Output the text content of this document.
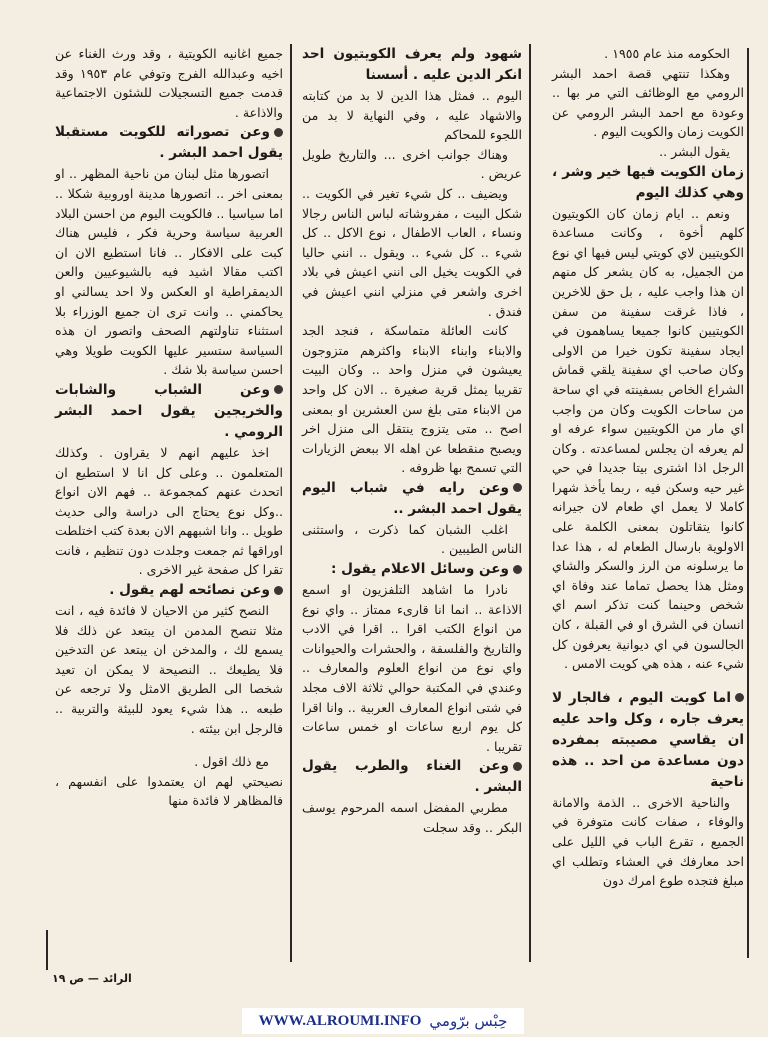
الحكومه منذ عام ١٩٥٥ .

وهكذا تنتهي قصة احمد البشر الرومي مع الوظائف التي مر بها .. وعودة مع احمد البشر الرومي عن الكويت زمان والكويت اليوم .

يقول البشر ..

زمان الكويت فيها خير وشر ، وهي كذلك اليوم

ونعم .. ايام زمان كان الكويتيون كلهم أخوة ، وكانت مساعدة الكويتيين لاي كويتي ليس فيها اي نوع من الجميل، به كان يشعر كل منهم ان هذا واجب عليه ، بل حق للاخرين ، فاذا غرقت سفينة من سفن الكويتيين كانوا جميعا يساهمون في ايجاد سفينة تكون خيرا من الاولى وكان صاحب اي سفينة يلقي قماش الشراع الخاص بسفينته في اي ساحة من ساحات الكويت وكان من واجب اي مار من الكويتيين سواء عرفه او لم يعرفه ان يجلس لمساعدته . وكان الرجل اذا اشترى بيتا جديدا في حي غير حيه وسكن فيه ، ربما يأخذ شهرا كاملا لا يعمل اي طعام لان جيرانه كانوا يتقاتلون بمعنى الكلمة على الاولوية بارسال الطعام له ، هذا عدا ما يرسلونه من الرز والسكر والشاي ومثل هذا يحصل تماما عند وفاة اي شخص وحينما كنت تذكر اسم اي انسان في الشرق او في القبلة ، كان الجالسون في اي ديوانية يعرفون كل شيء عنه ، هذه هي كويت الامس .

اما كويت اليوم ، فالجار لا يعرف جاره ، وكل واحد عليه ان يقاسي مصيبته بمفرده دون مساعدة من احد .. هذه ناحية

والناحية الاخرى .. الذمة والامانة والوفاء ، صفات كانت متوفرة في الجميع ، تقرع الباب في الليل على احد معارفك في العشاء وتطلب اي مبلغ فتجده طوع امرك دون

شهود ولم يعرف الكويتيون احد انكر الدين عليه . أسسنا

اليوم .. فمثل هذا الدين لا بد من كتابته والاشهاد عليه ، وفي النهاية لا بد من اللجوء للمحاكم

وهناك جوانب اخرى ... والتاريخ طويل عريض .

ويضيف .. كل شيء تغير في الكويت .. شكل البيت ، مفروشاته لباس الناس رجالا ونساء ، العاب الاطفال ، نوع الاكل .. كل شيء .. كل شيء .. ويقول .. انني حاليا في الكويت يخيل الى انني اعيش في بلاد اخرى واشعر في منزلي انني اعيش في فندق .

كانت العائلة متماسكة ، فنجد الجد والابناء وابناء الابناء واكثرهم متزوجون يعيشون في منزل واحد .. وكان البيت تقريبا يمثل قرية صغيرة .. الان كل واحد من الابناء متى بلغ سن العشرين او بمعنى اصح .. متى يتزوج ينتقل الى منزل اخر ويصبح منقطعا عن اهله الا ببعض الزيارات التي تسمح بها ظروفه .

وعن رايه في شباب اليوم يقول احمد البشر ..

اغلب الشبان كما ذكرت ، واستثنى الناس الطيبين .

وعن وسائل الاعلام يقول :

نادرا ما اشاهد التلفزيون او اسمع الاذاعة .. انما انا قارىء ممتاز .. واي نوع من انواع الكتب اقرا .. اقرا في الادب والتاريخ والفلسفة ، والحشرات والحيوانات واي نوع من انواع العلوم والمعارف .. وعندي في المكتبة حوالي ثلاثة الاف مجلد في شتى انواع المعارف العربية .. وانا اقرا كل يوم اربع ساعات او خمس ساعات تقريبا .

وعن الغناء والطرب يقول البشر .

مطربي المفضل اسمه المرحوم يوسف البكر .. وقد سجلت

جميع اغانيه الكويتية ، وقد ورث الغناء عن اخيه وعبدالله الفرج وتوفي عام ١٩٥٣ وقد قدمت جميع التسجيلات للشئون الاجتماعية والاذاعة .

وعن تصوراته للكويت مستقبلا يقول احمد البشر .

اتصورها مثل لبنان من ناحية المظهر .. او بمعنى اخر .. اتصورها مدينة اوروبية شكلا .. اما سياسيا .. فالكويت اليوم من احسن البلاد العربية سياسة وحرية فكر ، فليس هناك كبت على الافكار .. فانا استطيع الان ان اكتب مقالا اشيد فيه بالشيوعيين والعن الديمقراطية او العكس ولا احد يسالني او يحاكمني .. وانت ترى ان جميع الوزراء بلا استثناء تناولتهم الصحف واتصور ان هذه السياسة ستسير عليها الكويت طويلا وهي احسن سياسة بلا شك .

وعن الشباب والشابات والخريجين يقول احمد البشر الرومي .

اخذ عليهم انهم لا يقراون . وكذلك المتعلمون .. وعلى كل انا لا استطيع ان اتحدث عنهم كمجموعة .. فهم الان انواع ..وكل نوع يحتاج الى دراسة والى حديث طويل .. وانا اشبههم الان بعدة كتب اختلطت اوراقها ثم جمعت وجلدت دون تنظيم ، فانت تقرا كل صفحة غير الاخرى .

وعن نصائحه لهم يقول .

النصح كثير من الاحيان لا فائدة فيه ، انت مثلا تنصح المدمن ان يبتعد عن ذلك فلا يسمع لك ، والمدخن ان يبتعد عن التدخين فلا يطيعك .. النصيحة لا يمكن ان تعيد شخصا الى الطريق الامثل ولا ترجعه عن طبعه .. هذا شيء يعود للبيئة والتربية .. فالرجل ابن بيئته .

مع ذلك اقول .

نصيحتي لهم ان يعتمدوا على انفسهم ، فالمظاهر لا فائدة منها

الرائد — ص ١٩
WWW.ALROUMI.INFO حِبْس برّومي
